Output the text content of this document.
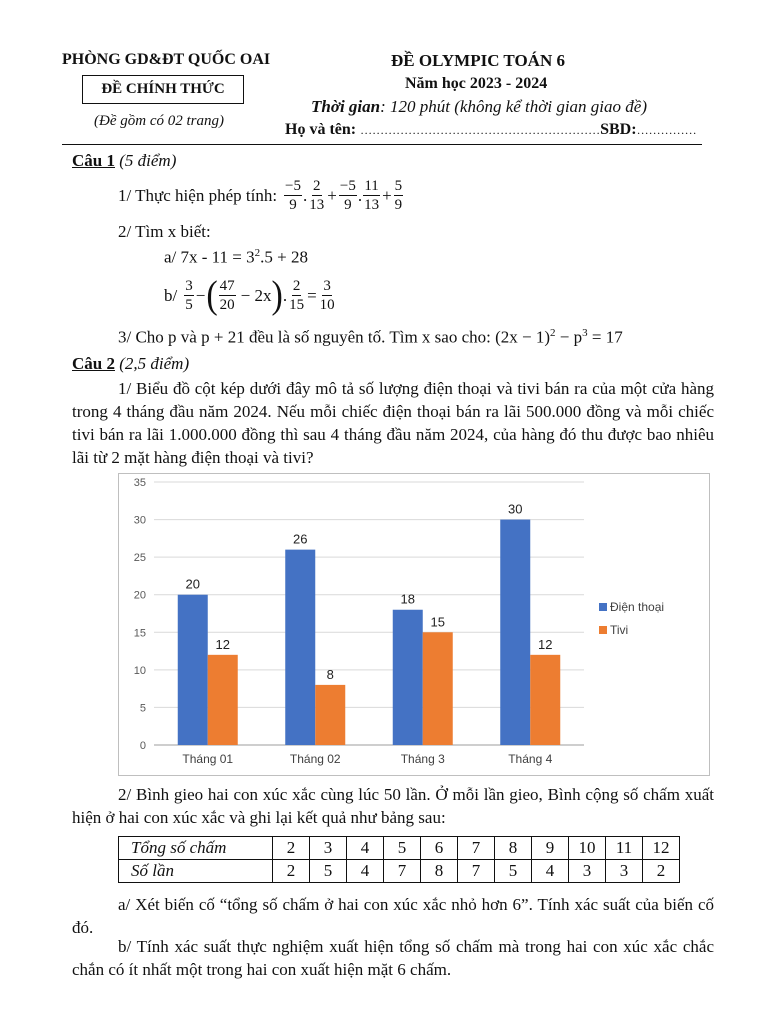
PHÒNG GD&ĐT QUỐC OAI
ĐỀ CHÍNH THỨC
(Đề gồm có 02 trang)
ĐỀ OLYMPIC TOÁN 6
Năm học 2023 - 2024
Thời gian: 120 phút (không kể thời gian giao đề)
Họ và tên: ……………………………………………………SBD:……………
Câu 1 (5 điểm)
1/ Thực hiện phép tính: $\frac{-5}{9}$ . $\frac{2}{13} + \frac{-5}{9}$ . $\frac{11}{13} + \frac{5}{9}$
2/ Tìm x biết:
a/ $7x - 11 = 3^2.5 + 28$
$b/ \frac{3}{5}$ − ( $\frac{47}{20} - 2x$ ) . $\frac{2}{15} = \frac{3}{10}$
3/ Cho p và p + 21 đều là số nguyên tố. Tìm x sao cho: $(2x - 1)^2 - p^3 = 17$
Câu 2 (2,5 điểm)
1/ Biểu đồ cột kép dưới đây mô tả số lượng điện thoại và tivi bán ra của một cửa hàng trong 4 tháng đầu năm 2024. Nếu mỗi chiếc điện thoại bán ra lãi 500.000 đồng và mỗi chiếc tivi bán ra lãi 1.000.000 đồng thì sau 4 tháng đầu năm 2024, của hàng đó thu được bao nhiêu lãi từ 2 mặt hàng điện thoại và tivi?
0
5
10
15
20
25
30
35
20
12
Tháng 01
26
8
Tháng 02
18
15
Tháng 3
30
12
Tháng 4
Điện thoại
Tivi
2/ Bình gieo hai con xúc xắc cùng lúc 50 lần. Ở mỗi lần gieo, Bình cộng số chấm xuất hiện ở hai con xúc xắc và ghi lại kết quả như bảng sau:
Tổng số chấm	2	3	4	5	6	7	8	9	10	11	12
Số lần	2	5	4	7	8	7	5	4	3	3	2
a/ Xét biến cố “tổng số chấm ở hai con xúc xắc nhỏ hơn 6”. Tính xác suất của biến cố đó.
b/ Tính xác suất thực nghiệm xuất hiện tổng số chấm mà trong hai con xúc xắc chắc chắn có ít nhất một trong hai con xuất hiện mặt 6 chấm.
